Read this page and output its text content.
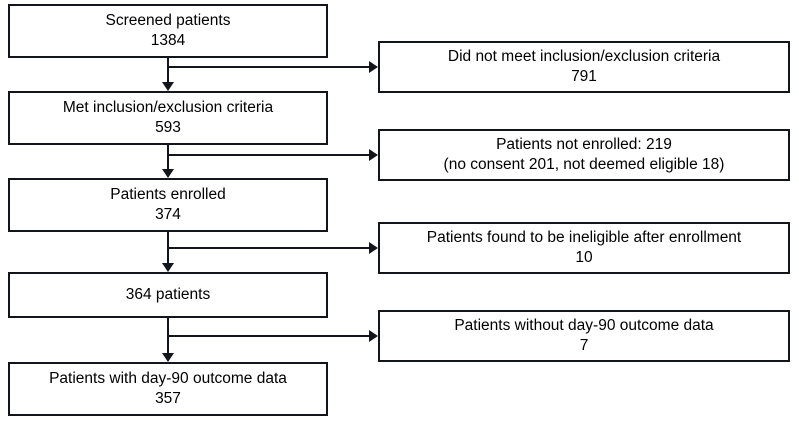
Screened patients
1384
Met inclusion/exclusion criteria
593
Patients enrolled
374
364 patients
Patients with day-90 outcome data
357
Did not meet inclusion/exclusion criteria
791
Patients not enrolled: 219
(no consent 201, not deemed eligible 18)
Patients found to be ineligible after enrollment
10
Patients without day-90 outcome data
7
